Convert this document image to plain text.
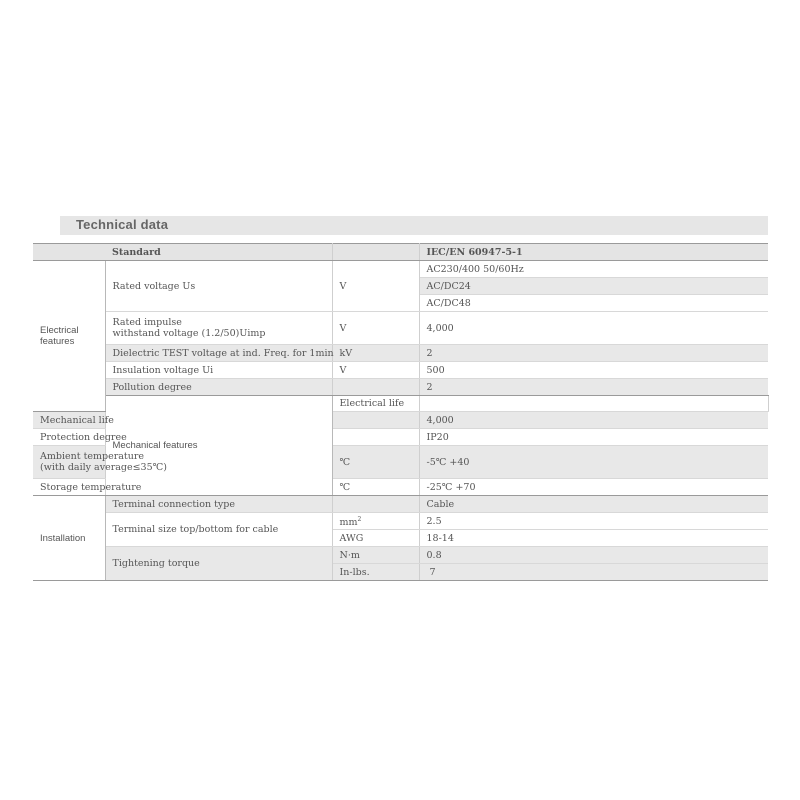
Technical data
	Standard		IEC/EN 60947-5-1	
Electrical features	Rated voltage Us	V	AC230/400 50/60Hz	
			AC/DC24	
			AC/DC48	
	Rated impulse
withstand voltage (1.2/50)Uimp	V	4,000	
	Dielectric TEST voltage at ind. Freq. for 1min	kV	2	
	Insulation voltage Ui	V	500	
	Pollution degree		2	
	Mechanical features	Electrical life		
Mechanical life			4,000	
Protection degree			IP20	
Ambient temperature
(with daily average≤35℃)		℃	-5℃ +40	
Storage temperature		℃	-25℃ +70	
Installation	Terminal connection type		Cable	
	Terminal size top/bottom for cable	$mm^2$	2.5	
		AWG	18-14	
	Tightening torque	N·m	0.8	
		In-lbs.	7	
